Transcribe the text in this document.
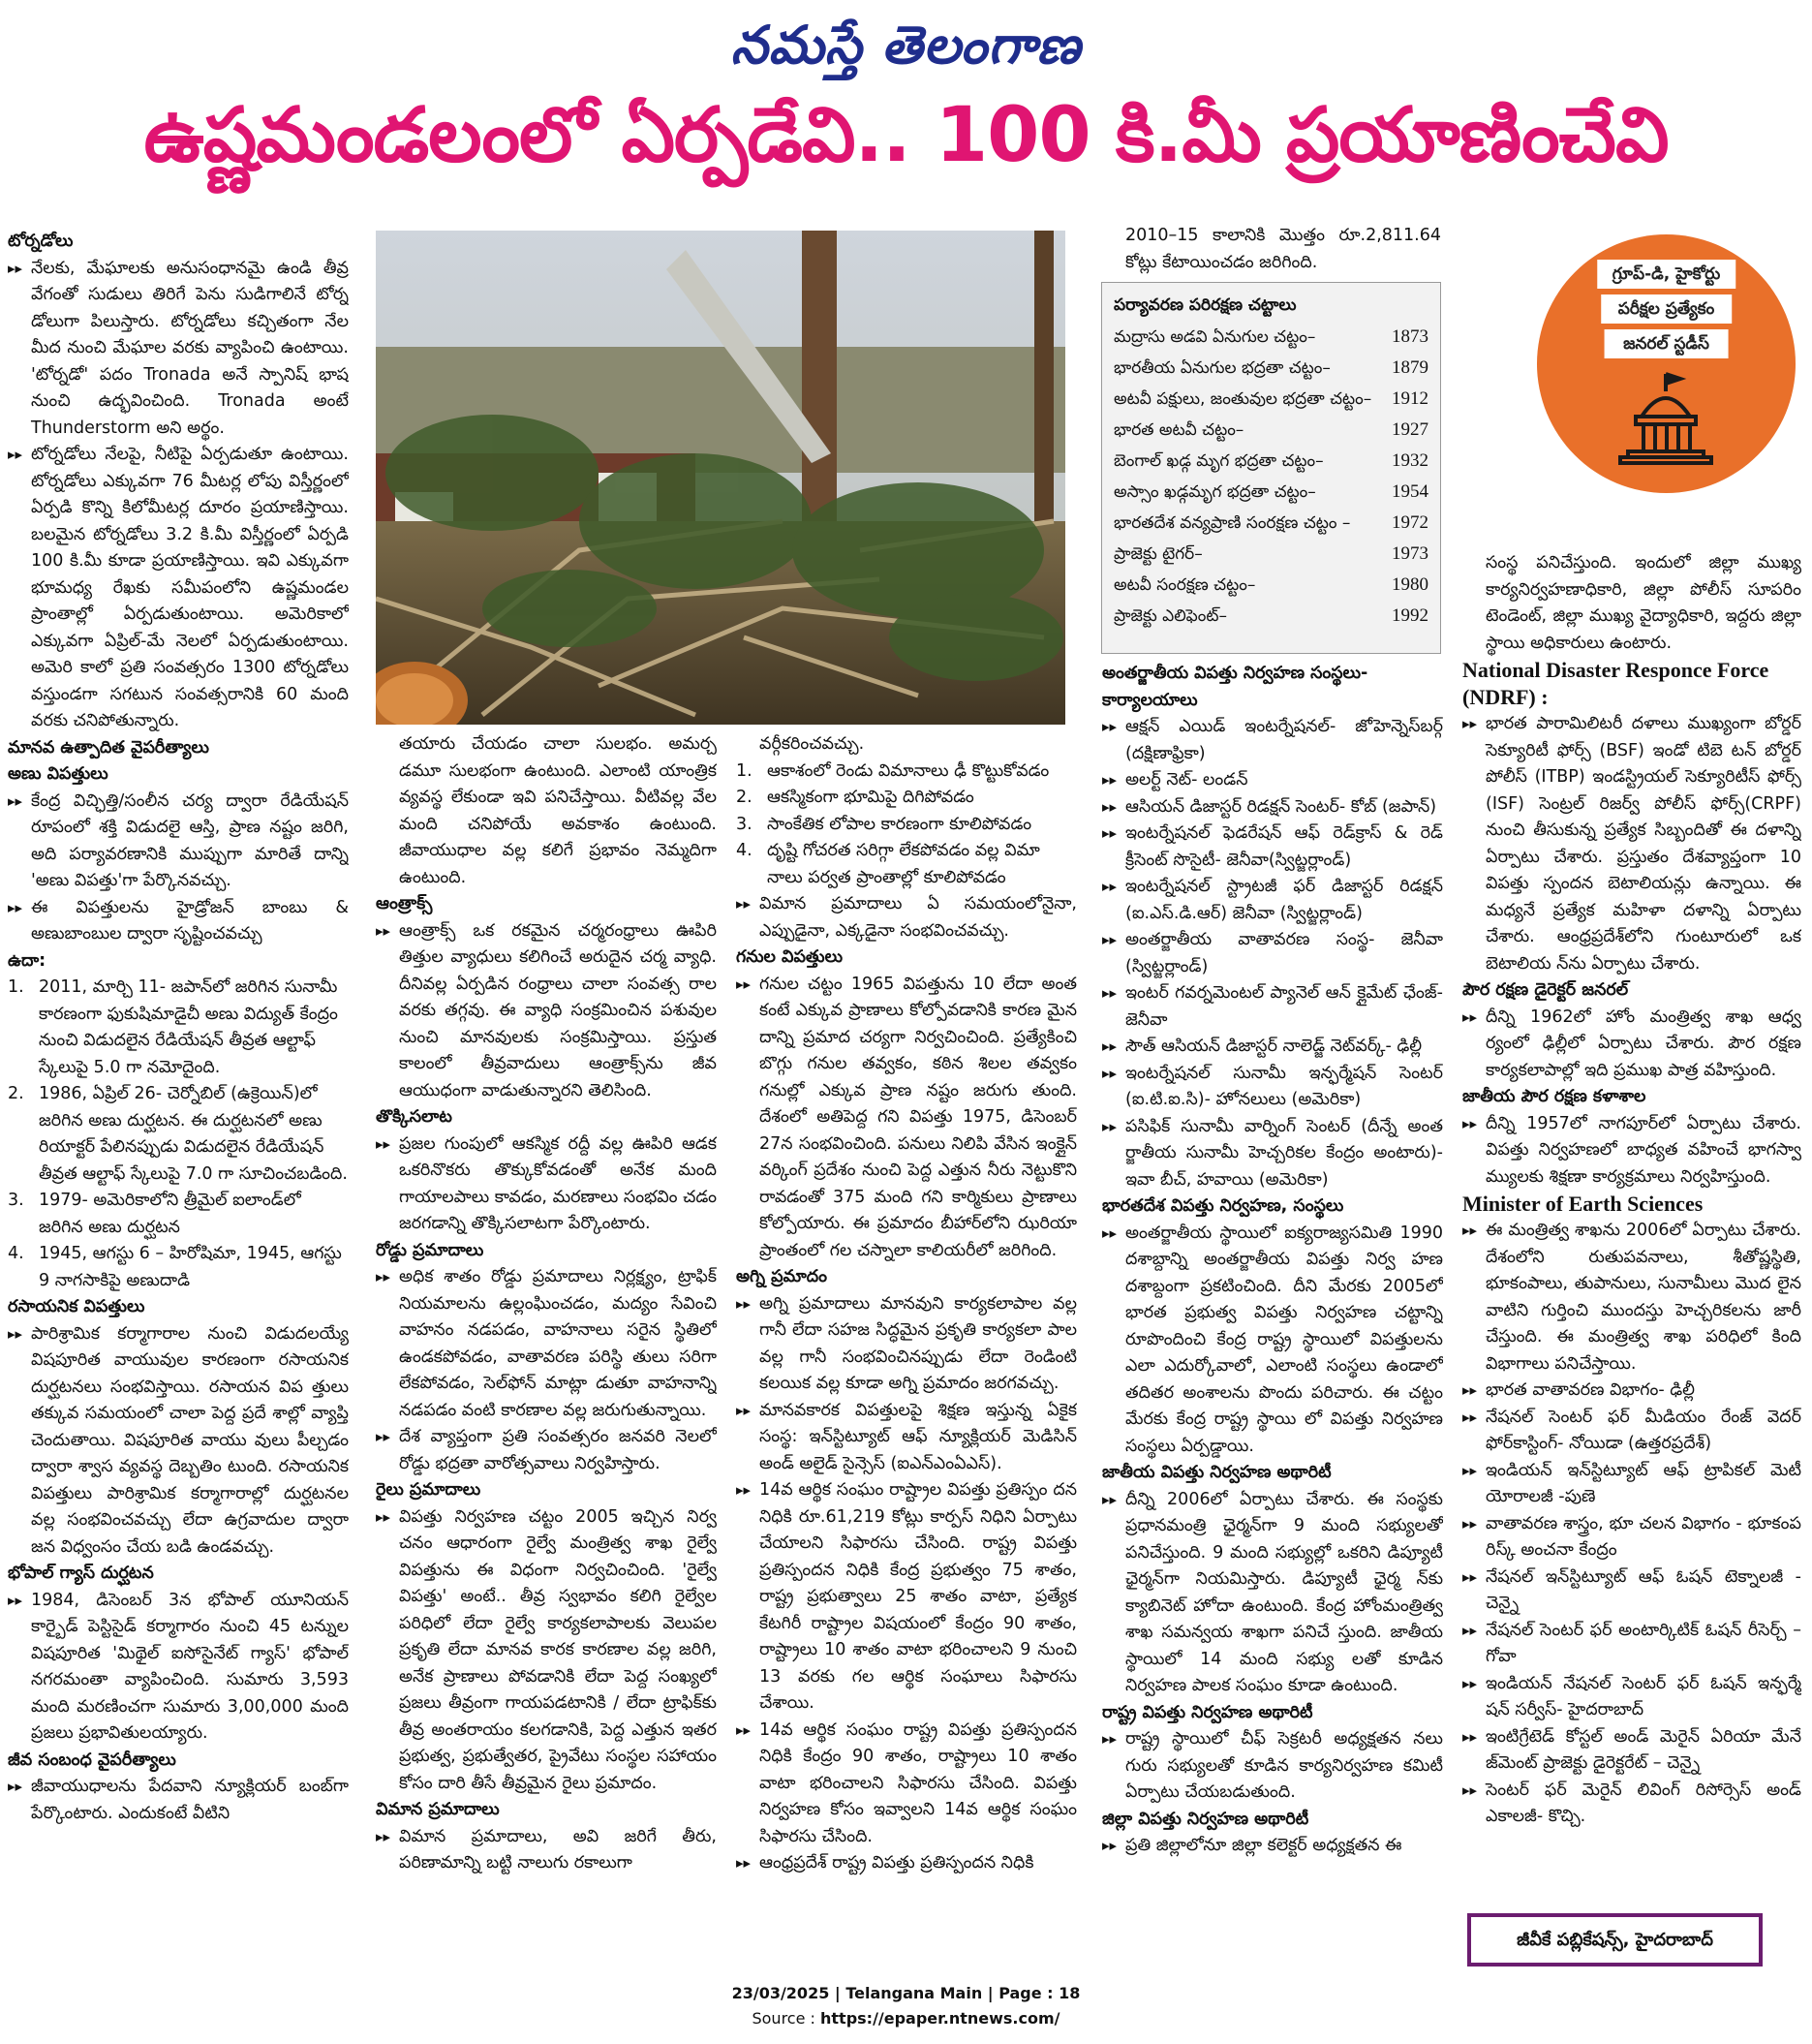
నమస్తే తెలంగాణ
ఉష్ణమండలంలో ఏర్పడేవి.. 100 కి.మీ ప్రయాణించేవి

టోర్నడోలు

▸▸ నేలకు, మేఘాలకు అనుసంధానమై ఉండి తీవ్ర వేగంతో సుడులు తిరిగే పెను సుడిగాలినే టోర్న డోలుగా పిలుస్తారు. టోర్నడోలు కచ్చితంగా నేల మీద నుంచి మేఘాల వరకు వ్యాపించి ఉంటాయి. 'టోర్నడో' పదం Tronada అనే స్పానిష్ భాష నుంచి ఉద్భవించింది. Tronada అంటే Thunderstorm అని అర్థం.

▸▸ టోర్నడోలు నేలపై, నీటిపై ఏర్పడుతూ ఉంటాయి. టోర్నడోలు ఎక్కువగా 76 మీటర్ల లోపు విస్తీర్ణంలో ఏర్పడి కొన్ని కిలోమీటర్ల దూరం ప్రయాణిస్తాయి. బలమైన టోర్నడోలు 3.2 కి.మీ విస్తీర్ణంలో ఏర్పడి 100 కి.మీ కూడా ప్రయాణిస్తాయి. ఇవి ఎక్కువగా భూమధ్య రేఖకు సమీపంలోని ఉష్ణమండల ప్రాంతాల్లో ఏర్పడుతుంటాయి. అమెరికాలో ఎక్కువగా ఏప్రిల్-మే నెలలో ఏర్పడుతుంటాయి. అమెరి కాలో ప్రతి సంవత్సరం 1300 టోర్నడోలు వస్తుండగా సగటున సంవత్సరానికి 60 మంది వరకు చనిపోతున్నారు.

మానవ ఉత్పాదిత వైపరీత్యాలు

అణు విపత్తులు

▸▸ కేంద్ర విచ్ఛిత్తి/సంలీన చర్య ద్వారా రేడియేషన్ రూపంలో శక్తి విడుదలై ఆస్తి, ప్రాణ నష్టం జరిగి, అది పర్యావరణానికి ముప్పుగా మారితే దాన్ని 'అణు విపత్తు'గా పేర్కొనవచ్చు.

▸▸ ఈ విపత్తులను హైడ్రోజన్ బాంబు & అణుబాంబుల ద్వారా సృష్టించవచ్చు

ఉదా:

1. 2011, మార్చి 11- జపాన్‌లో జరిగిన సునామీ కారణంగా ఫుకుషిమాడైచీ అణు విద్యుత్ కేంద్రం నుంచి విడుదలైన రేడియేషన్ తీవ్రత ఆల్టాఫ్ స్కేలుపై 5.0 గా నమోదైంది.

2. 1986, ఏప్రిల్ 26- చెర్నోబిల్ (ఉక్రెయిన్)లో జరిగిన అణు దుర్ఘటన. ఈ దుర్ఘటనలో అణు రియాక్టర్ పేలినప్పుడు విడుదలైన రేడియేషన్ తీవ్రత ఆల్టాఫ్ స్కేలుపై 7.0 గా సూచించబడింది.

3. 1979- అమెరికాలోని త్రీమైల్ ఐలాండ్‌లో జరిగిన అణు దుర్ఘటన

4. 1945, ఆగస్టు 6 – హిరోషిమా, 1945, ఆగస్టు 9 నాగసాకిపై అణుదాడి

రసాయనిక విపత్తులు

▸▸ పారిశ్రామిక కర్మాగారాల నుంచి విడుదలయ్యే విషపూరిత వాయువుల కారణంగా రసాయనిక దుర్ఘటనలు సంభవిస్తాయి. రసాయన విప త్తులు తక్కువ సమయంలో చాలా పెద్ద ప్రదే శాల్లో వ్యాప్తి చెందుతాయి. విషపూరిత వాయు వులు పీల్చడం ద్వారా శ్వాస వ్యవస్థ దెబ్బతిం టుంది. రసాయనిక విపత్తులు పారిశ్రామిక కర్మాగారాల్లో దుర్ఘటనల వల్ల సంభవించవచ్చు లేదా ఉగ్రవాదుల ద్వారా జన విధ్వంసం చేయ బడి ఉండవచ్చు.

భోపాల్ గ్యాస్ దుర్ఘటన

▸▸ 1984, డిసెంబర్ 3న భోపాల్ యూనియన్ కార్బైడ్ పెస్టిసైడ్ కర్మాగారం నుంచి 45 టన్నుల విషపూరిత 'మిథైల్ ఐసోసైనేట్ గ్యాస్' భోపాల్ నగరమంతా వ్యాపించింది. సుమారు 3,593 మంది మరణించగా సుమారు 3,00,000 మంది ప్రజలు ప్రభావితులయ్యారు.

జీవ సంబంధ వైపరీత్యాలు

▸▸ జీవాయుధాలను పేదవాని న్యూక్లియర్ బంబ్‌గా పేర్కొంటారు. ఎందుకంటే వీటిని

తయారు చేయడం చాలా సులభం. అమర్చ డమూ సులభంగా ఉంటుంది. ఎలాంటి యాంత్రిక వ్యవస్థ లేకుండా ఇవి పనిచేస్తాయి. వీటివల్ల వేల మంది చనిపోయే అవకాశం ఉంటుంది. జీవాయుధాల వల్ల కలిగే ప్రభావం నెమ్మదిగా ఉంటుంది.

ఆంత్రాక్స్

▸▸ ఆంత్రాక్స్ ఒక రకమైన చర్మరంధ్రాలు ఊపిరి తిత్తుల వ్యాధులు కలిగించే అరుదైన చర్మ వ్యాధి. దీనివల్ల ఏర్పడిన రంధ్రాలు చాలా సంవత్స రాల వరకు తగ్గవు. ఈ వ్యాధి సంక్రమించిన పశువుల నుంచి మానవులకు సంక్రమిస్తాయి. ప్రస్తుత కాలంలో తీవ్రవాదులు ఆంత్రాక్స్‌ను జీవ ఆయుధంగా వాడుతున్నారని తెలిసింది.

తొక్కిసలాట

▸▸ ప్రజల గుంపులో ఆకస్మిక రద్దీ వల్ల ఊపిరి ఆడక ఒకరినొకరు తొక్కుకోవడంతో అనేక మంది గాయాలపాలు కావడం, మరణాలు సంభవిం చడం జరగడాన్ని తొక్కిసలాటగా పేర్కొంటారు.

రోడ్డు ప్రమాదాలు

▸▸ అధిక శాతం రోడ్డు ప్రమాదాలు నిర్లక్ష్యం, ట్రాఫిక్ నియమాలను ఉల్లంఘించడం, మద్యం సేవించి వాహనం నడపడం, వాహనాలు సరైన స్థితిలో ఉండకపోవడం, వాతావరణ పరిస్థి తులు సరిగా లేకపోవడం, సెల్‌ఫోన్ మాట్లా డుతూ వాహనాన్ని నడపడం వంటి కారణాల వల్ల జరుగుతున్నాయి.

▸▸ దేశ వ్యాప్తంగా ప్రతి సంవత్సరం జనవరి నెలలో రోడ్డు భద్రతా వారోత్సవాలు నిర్వహిస్తారు.

రైలు ప్రమాదాలు

▸▸ విపత్తు నిర్వహణ చట్టం 2005 ఇచ్చిన నిర్వ చనం ఆధారంగా రైల్వే మంత్రిత్వ శాఖ రైల్వే విపత్తును ఈ విధంగా నిర్వచించింది. 'రైల్వే విపత్తు' అంటే.. తీవ్ర స్వభావం కలిగి రైల్వేల పరిధిలో లేదా రైల్వే కార్యకలాపాలకు వెలుపల ప్రకృతి లేదా మానవ కారక కారణాల వల్ల జరిగి, అనేక ప్రాణాలు పోవడానికి లేదా పెద్ద సంఖ్యలో ప్రజలు తీవ్రంగా గాయపడటానికి / లేదా ట్రాఫిక్‌కు తీవ్ర అంతరాయం కలగడానికి, పెద్ద ఎత్తున ఇతర ప్రభుత్వ, ప్రభుత్వేతర, ప్రైవేటు సంస్థల సహాయం కోసం దారి తీసే తీవ్రమైన రైలు ప్రమాదం.

విమాన ప్రమాదాలు

▸▸ విమాన ప్రమాదాలు, అవి జరిగే తీరు, పరిణామాన్ని బట్టి నాలుగు రకాలుగా

వర్గీకరించవచ్చు.

1. ఆకాశంలో రెండు విమానాలు ఢీ కొట్టుకోవడం

2. ఆకస్మికంగా భూమిపై దిగిపోవడం

3. సాంకేతిక లోపాల కారణంగా కూలిపోవడం

4. దృష్టి గోచరత సరిగ్గా లేకపోవడం వల్ల విమా నాలు పర్వత ప్రాంతాల్లో కూలిపోవడం

▸▸ విమాన ప్రమాదాలు ఏ సమయంలోనైనా, ఎప్పుడైనా, ఎక్కడైనా సంభవించవచ్చు.

గనుల విపత్తులు

▸▸ గనుల చట్టం 1965 విపత్తును 10 లేదా అంత కంటే ఎక్కువ ప్రాణాలు కోల్పోవడానికి కారణ మైన దాన్ని ప్రమాద చర్యగా నిర్వచించింది. ప్రత్యేకించి బొగ్గు గనుల తవ్వకం, కఠిన శిలల తవ్వకం గనుల్లో ఎక్కువ ప్రాణ నష్టం జరుగు తుంది. దేశంలో అతిపెద్ద గని విపత్తు 1975, డిసెంబర్ 27న సంభవించింది. పనులు నిలిపి వేసిన ఇంక్లైన్ వర్కింగ్ ప్రదేశం నుంచి పెద్ద ఎత్తున నీరు నెట్టుకొని రావడంతో 375 మంది గని కార్మికులు ప్రాణాలు కోల్పోయారు. ఈ ప్రమాదం బీహార్‌లోని ఝరియా ప్రాంతంలో గల చస్నాలా కాలియరీలో జరిగింది.

అగ్ని ప్రమాదం

▸▸ అగ్ని ప్రమాదాలు మానవుని కార్యకలాపాల వల్ల గానీ లేదా సహజ సిద్ధమైన ప్రకృతి కార్యకలా పాల వల్ల గానీ సంభవించినప్పుడు లేదా రెండింటి కలయిక వల్ల కూడా అగ్ని ప్రమాదం జరగవచ్చు.

▸▸ మానవకారక విపత్తులపై శిక్షణ ఇస్తున్న ఏకైక సంస్థ: ఇన్‌స్టిట్యూట్ ఆఫ్ న్యూక్లియర్ మెడిసిన్ అండ్ అలైడ్ సైన్సెస్ (ఐఎన్ఎంఏఎస్).

▸▸ 14వ ఆర్థిక సంఘం రాష్ట్రాల విపత్తు ప్రతిస్పం దన నిధికి రూ.61,219 కోట్లు కార్పస్ నిధిని ఏర్పాటు చేయాలని సిఫారసు చేసింది. రాష్ట్ర విపత్తు ప్రతిస్పందన నిధికి కేంద్ర ప్రభుత్వం 75 శాతం, రాష్ట్ర ప్రభుత్వాలు 25 శాతం వాటా, ప్రత్యేక కేటగిరీ రాష్ట్రాల విషయంలో కేంద్రం 90 శాతం, రాష్ట్రాలు 10 శాతం వాటా భరించాలని 9 నుంచి 13 వరకు గల ఆర్థిక సంఘాలు సిఫారసు చేశాయి.

▸▸ 14వ ఆర్థిక సంఘం రాష్ట్ర విపత్తు ప్రతిస్పందన నిధికి కేంద్రం 90 శాతం, రాష్ట్రాలు 10 శాతం వాటా భరించాలని సిఫారసు చేసింది. విపత్తు నిర్వహణ కోసం ఇవ్వాలని 14వ ఆర్థిక సంఘం సిఫారసు చేసింది.

▸▸ ఆంధ్రప్రదేశ్ రాష్ట్ర విపత్తు ప్రతిస్పందన నిధికి

2010–15 కాలానికి మొత్తం రూ.2,811.64 కోట్లు కేటాయించడం జరిగింది.

పర్యావరణ పరిరక్షణ చట్టాలు
మద్రాసు అడవి ఏనుగుల చట్టం–	1873
భారతీయ ఏనుగుల భద్రతా చట్టం–	1879
అటవీ పక్షులు, జంతువుల భద్రతా చట్టం– 1912
భారత అటవీ చట్టం–	1927
బెంగాల్ ఖడ్గ మృగ భద్రతా చట్టం–	1932
అస్సాం ఖడ్గమృగ భద్రతా చట్టం–	1954
భారతదేశ వన్యప్రాణి సంరక్షణ చట్టం – 1972
ప్రాజెక్టు టైగర్–	1973
అటవీ సంరక్షణ చట్టం–	1980
ప్రాజెక్టు ఎలిఫెంట్–	1992

అంతర్జాతీయ విపత్తు నిర్వహణ సంస్థలు- కార్యాలయాలు

▸▸ ఆక్షన్ ఎయిడ్ ఇంటర్నేషనల్- జోహెన్నెస్‌బర్గ్ (దక్షిణాఫ్రికా)

▸▸ అలర్ట్ నెట్- లండన్

▸▸ ఆసియన్ డిజాస్టర్ రిడక్షన్ సెంటర్- కోబ్ (జపాన్)

▸▸ ఇంటర్నేషనల్ ఫెడరేషన్ ఆఫ్ రెడ్‌క్రాస్ & రెడ్ క్రీసెంట్ సొసైటీ- జెనీవా(స్విట్జర్లాండ్)

▸▸ ఇంటర్నేషనల్ స్ట్రాటజీ ఫర్ డిజాస్టర్ రిడక్షన్ (ఐ.ఎస్.డి.ఆర్) జెనీవా (స్విట్జర్లాండ్)

▸▸ అంతర్జాతీయ వాతావరణ సంస్థ- జెనీవా (స్విట్జర్లాండ్)

▸▸ ఇంటర్ గవర్నమెంటల్ ప్యానెల్ ఆన్ క్లైమేట్ ఛేంజ్- జెనీవా

▸▸ సౌత్ ఆసియన్ డిజాస్టర్ నాలెడ్జ్ నెట్‌వర్క్- ఢిల్లీ

▸▸ ఇంటర్నేషనల్ సునామీ ఇన్ఫర్మేషన్ సెంటర్ (ఐ.టి.ఐ.సి)- హోనలులు (అమెరికా)

▸▸ పసిఫిక్ సునామీ వార్నింగ్ సెంటర్ (దీన్నే అంత ర్జాతీయ సునామీ హెచ్చరికల కేంద్రం అంటారు)- ఇవా బీచ్, హవాయి (అమెరికా)

భారతదేశ విపత్తు నిర్వహణ, సంస్థలు

▸▸ అంతర్జాతీయ స్థాయిలో ఐక్యరాజ్యసమితి 1990 దశాబ్దాన్ని అంతర్జాతీయ విపత్తు నిర్వ హణ దశాబ్దంగా ప్రకటించింది. దీని మేరకు 2005లో భారత ప్రభుత్వ విపత్తు నిర్వహణ చట్టాన్ని రూపొందించి కేంద్ర రాష్ట్ర స్థాయిలో విపత్తులను ఎలా ఎదుర్కోవాలో, ఎలాంటి సంస్థలు ఉండాలో తదితర అంశాలను పొందు పరిచారు. ఈ చట్టం మేరకు కేంద్ర రాష్ట్ర స్థాయి లో విపత్తు నిర్వహణ సంస్థలు ఏర్పడ్డాయి.

జాతీయ విపత్తు నిర్వహణ అథారిటీ

▸▸ దీన్ని 2006లో ఏర్పాటు చేశారు. ఈ సంస్థకు ప్రధానమంత్రి ఛైర్మన్‌గా 9 మంది సభ్యులతో పనిచేస్తుంది. 9 మంది సభ్యుల్లో ఒకరిని డిప్యూటీ ఛైర్మన్‌గా నియమిస్తారు. డిప్యూటీ ఛైర్మ న్‌కు క్యాబినెట్ హోదా ఉంటుంది. కేంద్ర హోంమంత్రిత్వ శాఖ సమన్వయ శాఖగా పనిచే స్తుంది. జాతీయ స్థాయిలో 14 మంది సభ్యు లతో కూడిన నిర్వహణ పాలక సంఘం కూడా ఉంటుంది.

రాష్ట్ర విపత్తు నిర్వహణ అథారిటీ

▸▸ రాష్ట్ర స్థాయిలో చీఫ్ సెక్రటరీ అధ్యక్షతన నలు గురు సభ్యులతో కూడిన కార్యనిర్వహణ కమిటీ ఏర్పాటు చేయబడుతుంది.

జిల్లా విపత్తు నిర్వహణ అథారిటీ

▸▸ ప్రతి జిల్లాలోనూ జిల్లా కలెక్టర్ అధ్యక్షతన ఈ

గ్రూప్-డి, హైకోర్టు
పరీక్షల ప్రత్యేకం
జనరల్ స్టడీస్

సంస్థ పనిచేస్తుంది. ఇందులో జిల్లా ముఖ్య కార్యనిర్వహణాధికారి, జిల్లా పోలీస్ సూపరిం టెండెంట్, జిల్లా ముఖ్య వైద్యాధికారి, ఇద్దరు జిల్లా స్థాయి అధికారులు ఉంటారు.

National Disaster Responce Force (NDRF) :

▸▸ భారత పారామిలిటరీ దళాలు ముఖ్యంగా బోర్డర్ సెక్యూరిటీ ఫోర్స్ (BSF) ఇండో టిబె టన్ బోర్డర్ పోలీస్ (ITBP) ఇండస్ట్రియల్ సెక్యూరిటీస్ ఫోర్స్ (ISF) సెంట్రల్ రిజర్వ్ పోలీస్ ఫోర్స్(CRPF) నుంచి తీసుకున్న ప్రత్యేక సిబ్బందితో ఈ దళాన్ని ఏర్పాటు చేశారు. ప్రస్తుతం దేశవ్యాప్తంగా 10 విపత్తు స్పందన బెటాలియన్లు ఉన్నాయి. ఈ మధ్యనే ప్రత్యేక మహిళా దళాన్ని ఏర్పాటు చేశారు. ఆంధ్రప్రదేశ్‌లోని గుంటూరులో ఒక బెటాలియ న్‌ను ఏర్పాటు చేశారు.

పౌర రక్షణ డైరెక్టర్ జనరల్

▸▸ దీన్ని 1962లో హోం మంత్రిత్వ శాఖ ఆధ్వ ర్యంలో ఢిల్లీలో ఏర్పాటు చేశారు. పౌర రక్షణ కార్యకలాపాల్లో ఇది ప్రముఖ పాత్ర వహిస్తుంది.

జాతీయ పౌర రక్షణ కళాశాల

▸▸ దీన్ని 1957లో నాగపూర్‌లో ఏర్పాటు చేశారు. విపత్తు నిర్వహణలో బాధ్యత వహించే భాగస్వా మ్యులకు శిక్షణా కార్యక్రమాలు నిర్వహిస్తుంది.

Minister of Earth Sciences

▸▸ ఈ మంత్రిత్వ శాఖను 2006లో ఏర్పాటు చేశారు. దేశంలోని రుతుపవనాలు, శీతోష్ణస్థితి, భూకంపాలు, తుపానులు, సునామీలు మొద లైన వాటిని గుర్తించి ముందస్తు హెచ్చరికలను జారీ చేస్తుంది. ఈ మంత్రిత్వ శాఖ పరిధిలో కింది విభాగాలు పనిచేస్తాయి.

▸▸ భారత వాతావరణ విభాగం- ఢిల్లీ

▸▸ నేషనల్ సెంటర్ ఫర్ మీడియం రేంజ్ వెదర్ ఫోర్‌కాస్టింగ్- నోయిడా (ఉత్తరప్రదేశ్)

▸▸ ఇండియన్ ఇన్‌స్టిట్యూట్ ఆఫ్ ట్రాపికల్ మెటీ యోరాలజీ -పుణె

▸▸ వాతావరణ శాస్త్రం, భూ చలన విభాగం - భూకంప రిస్క్ అంచనా కేంద్రం

▸▸ నేషనల్ ఇన్‌స్టిట్యూట్ ఆఫ్ ఓషన్ టెక్నాలజీ - చెన్నై

▸▸ నేషనల్ సెంటర్ ఫర్ అంటార్కిటిక్ ఓషన్ రీసెర్చ్ –గోవా

▸▸ ఇండియన్ నేషనల్ సెంటర్ ఫర్ ఓషన్ ఇన్ఫర్మే షన్ సర్వీస్- హైదరాబాద్

▸▸ ఇంటిగ్రేటెడ్ కోస్టల్ అండ్ మెరైన్ ఏరియా మేనే జ్‌మెంట్ ప్రాజెక్టు డైరెక్టరేట్ – చెన్నై

▸▸ సెంటర్ ఫర్ మెరైన్ లివింగ్ రిసోర్సెస్ అండ్ ఎకాలజీ- కొచ్చి.

జీవీకే పబ్లికేషన్స్, హైదరాబాద్
23/03/2025 | Telangana Main | Page : 18
Source : https://epaper.ntnews.com/
